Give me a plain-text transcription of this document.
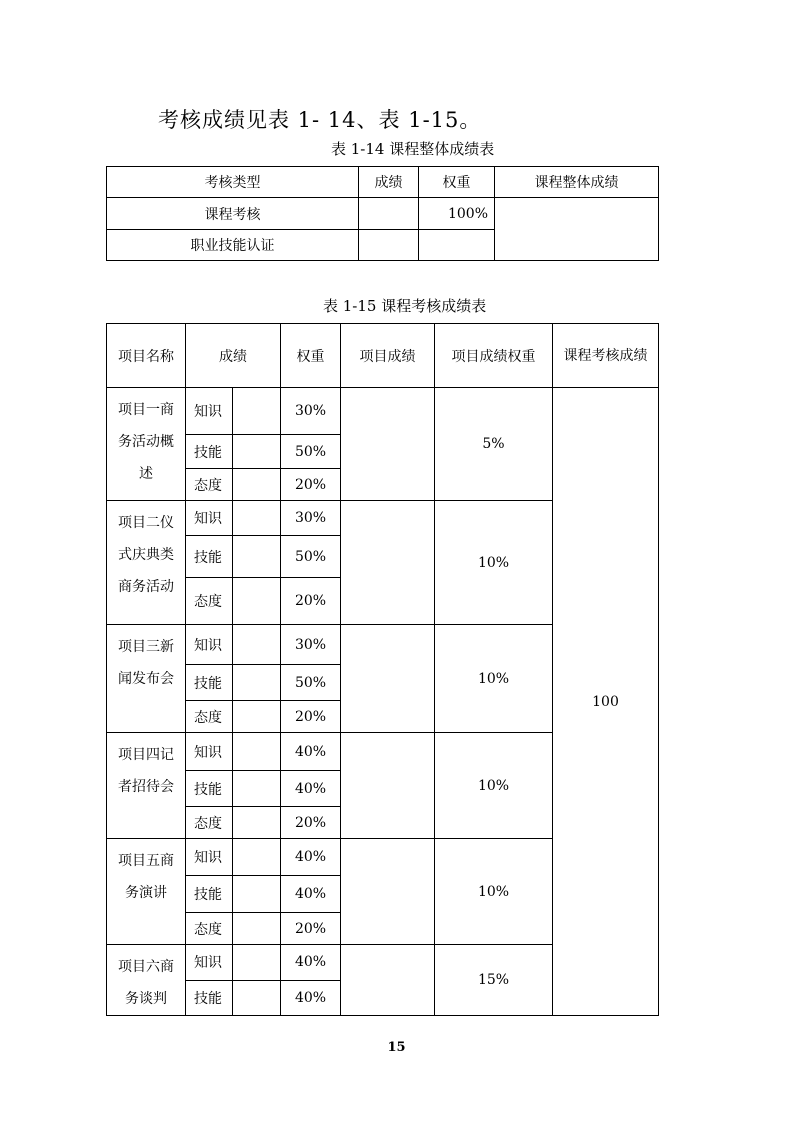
考核成绩见表 1- 14、表 1-15。
表 1-14 课程整体成绩表
考核类型	成绩	权重	课程整体成绩
课程考核		100%	
职业技能认证			
表 1-15 课程考核成绩表
项目名称	成绩		权重	项目成绩	项目成绩权重	课程考核成绩
项目一商务活动概述	知识		30%		5%	100
	技能		50%			
	态度		20%			
项目二仪式庆典类商务活动	知识		30%		10%	
	技能		50%			
	态度		20%			
项目三新闻发布会	知识		30%		10%	
	技能		50%			
	态度		20%			
项目四记者招待会	知识		40%		10%	
	技能		40%			
	态度		20%			
项目五商务演讲	知识		40%		10%	
	技能		40%			
	态度		20%			
项目六商务谈判	知识		40%		15%	
	技能		40%			
15
